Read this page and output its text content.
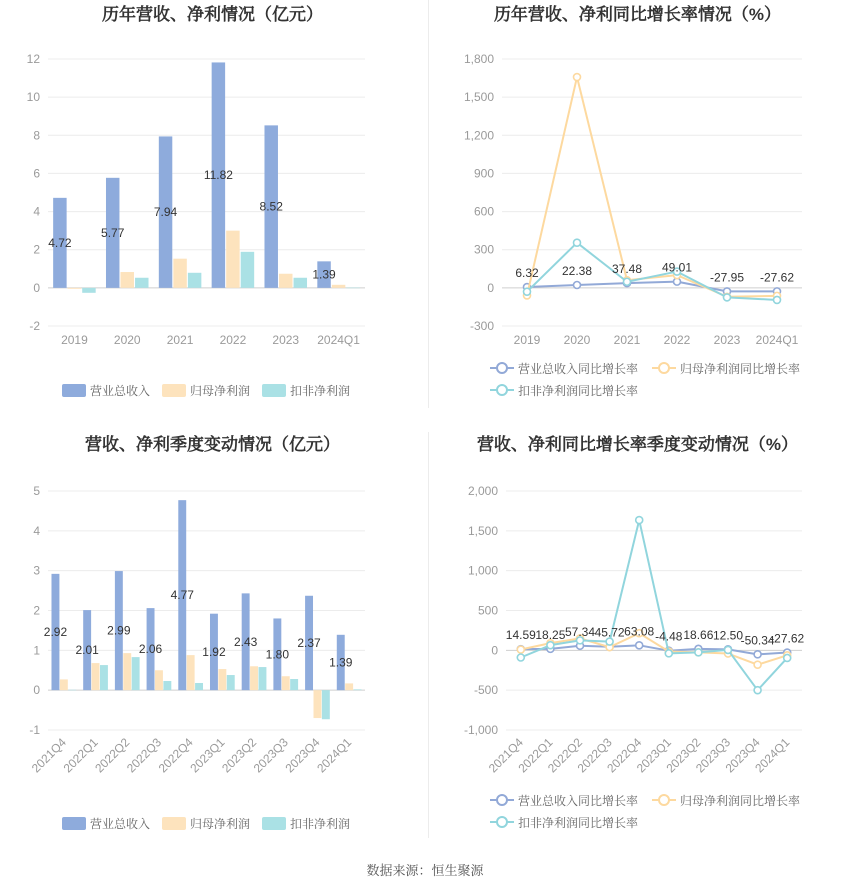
-2
0
2
4
6
8
10
12
2019 2020 2021 2022 2023 2024Q1
4.72
5.77
7.94
11.82
8.52
1.39
历年营收、净利情况（亿元）
营业总收入	归母净利润	扣非净利润
-300
0
300
600
900
1,200
1,500
1,800
2019 2020 2021 2022 2023 2024Q1
6.32 22.38 37.48 49.01
-27.95 -27.62
历年营收、净利同比增长率情况（%）
营业总收入同比增长率	归母净利润同比增长率
扣非净利润同比增长率
-1
0
1
2
3
4
5
2021Q4
2022Q1
2022Q2
2022Q3
2022Q4
2023Q1
2023Q2
2023Q3
2023Q4
2024Q1
2.92
2.01
2.99
2.06
4.77
1.92
2.43
1.80
2.37
1.39
营收、净利季度变动情况（亿元）
营业总收入	归母净利润	扣非净利润
-1,000
-500
0
500
1,000
1,500
2,000
2021Q4
2022Q1
2022Q2
2022Q3
2022Q4
2023Q1
2023Q2
2023Q3
2023Q4
2024Q1
14.59 18.25 57.34 45.72 63.08 -4.48 18.66 12.50
-50.34
-27.62
营收、净利同比增长率季度变动情况（%）
营业总收入同比增长率	归母净利润同比增长率
扣非净利润同比增长率
数据来源：恒生聚源
